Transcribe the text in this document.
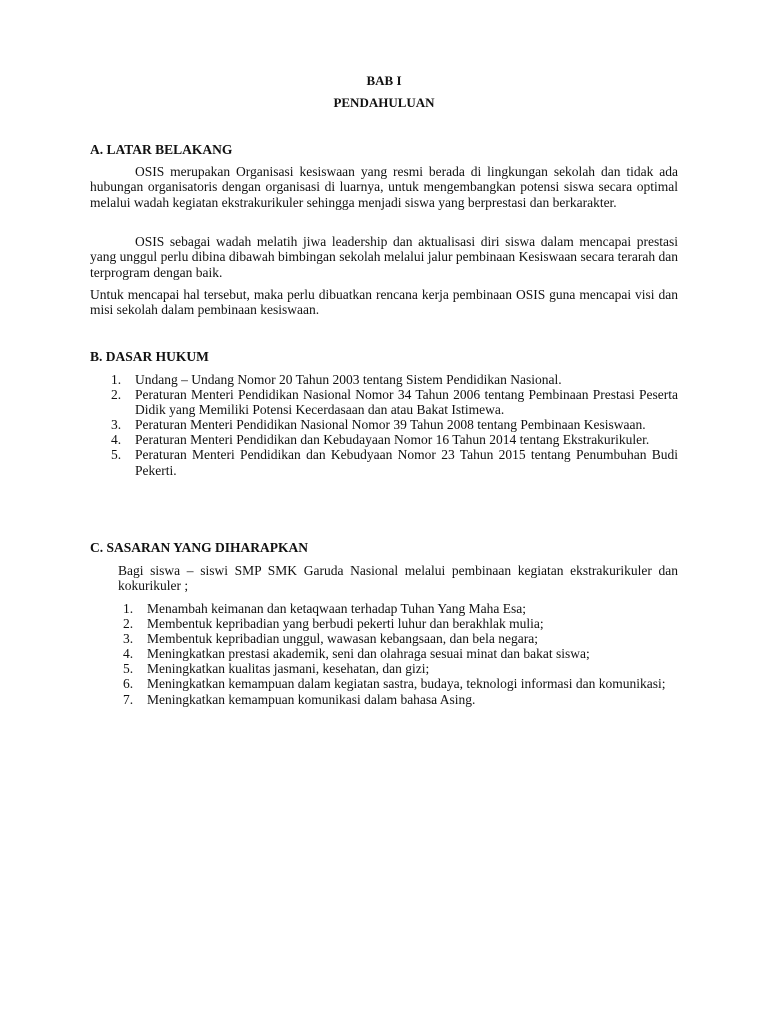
BAB I
PENDAHULUAN
A. LATAR BELAKANG

OSIS merupakan Organisasi kesiswaan yang resmi berada di lingkungan sekolah dan tidak ada hubungan organisatoris dengan organisasi di luarnya, untuk mengembangkan potensi siswa secara optimal melalui wadah kegiatan ekstrakurikuler sehingga menjadi siswa yang berprestasi dan berkarakter.

OSIS sebagai wadah melatih jiwa leadership dan aktualisasi diri siswa dalam mencapai prestasi yang unggul perlu dibina dibawah bimbingan sekolah melalui jalur pembinaan Kesiswaan secara terarah dan terprogram dengan baik.

Untuk mencapai hal tersebut, maka perlu dibuatkan rencana kerja pembinaan OSIS guna mencapai visi dan misi sekolah dalam pembinaan kesiswaan.

B. DASAR HUKUM
1. Undang – Undang Nomor 20 Tahun 2003 tentang Sistem Pendidikan Nasional.
2. Peraturan Menteri Pendidikan Nasional Nomor 34 Tahun 2006 tentang Pembinaan Prestasi Peserta Didik yang Memiliki Potensi Kecerdasaan dan atau Bakat Istimewa.
3. Peraturan Menteri Pendidikan Nasional Nomor 39 Tahun 2008 tentang Pembinaan Kesiswaan.
4. Peraturan Menteri Pendidikan dan Kebudayaan Nomor 16 Tahun 2014 tentang Ekstrakurikuler.
5. Peraturan Menteri Pendidikan dan Kebudyaan Nomor 23 Tahun 2015 tentang Penumbuhan Budi Pekerti.
C. SASARAN YANG DIHARAPKAN

Bagi siswa – siswi SMP SMK Garuda Nasional melalui pembinaan kegiatan ekstrakurikuler dan kokurikuler ;

1. Menambah keimanan dan ketaqwaan terhadap Tuhan Yang Maha Esa;
2. Membentuk kepribadian yang berbudi pekerti luhur dan berakhlak mulia;
3. Membentuk kepribadian unggul, wawasan kebangsaan, dan bela negara;
4. Meningkatkan prestasi akademik, seni dan olahraga sesuai minat dan bakat siswa;
5. Meningkatkan kualitas jasmani, kesehatan, dan gizi;
6. Meningkatkan kemampuan dalam kegiatan sastra, budaya, teknologi informasi dan komunikasi;
7. Meningkatkan kemampuan komunikasi dalam bahasa Asing.
